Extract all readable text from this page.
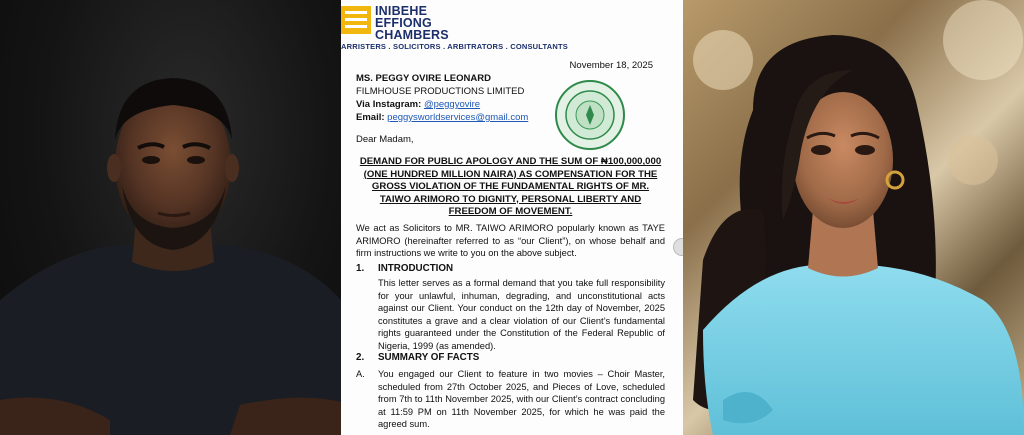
INIBEHE
EFFIONG
CHAMBERS
ARRISTERS . SOLICITORS . ARBITRATORS . CONSULTANTS
November 18, 2025
MS. PEGGY OVIRE LEONARD
FILMHOUSE PRODUCTIONS LIMITED
Via Instagram: @peggyovire
Email: peggysworldservices@gmail.com
Dear Madam,
DEMAND FOR PUBLIC APOLOGY AND THE SUM OF ₦100,000,000 (ONE HUNDRED MILLION NAIRA) AS COMPENSATION FOR THE GROSS VIOLATION OF THE FUNDAMENTAL RIGHTS OF MR. TAIWO ARIMORO TO DIGNITY, PERSONAL LIBERTY AND FREEDOM OF MOVEMENT.
We act as Solicitors to MR. TAIWO ARIMORO popularly known as TAYE ARIMORO (hereinafter referred to as “our Client”), on whose behalf and firm instructions we write to you on the above subject.
1. INTRODUCTION
This letter serves as a formal demand that you take full responsibility for your unlawful, inhuman, degrading, and unconstitutional acts against our Client. Your conduct on the 12th day of November, 2025 constitutes a grave and a clear violation of our Client’s fundamental rights guaranteed under the Constitution of the Federal Republic of Nigeria, 1999 (as amended).
2. SUMMARY OF FACTS
A. You engaged our Client to feature in two movies – Choir Master, scheduled from 27th October 2025, and Pieces of Love, scheduled from 7th to 11th November 2025, with our Client’s contract concluding at 11:59 PM on 11th November 2025, for which he was paid the agreed sum.
